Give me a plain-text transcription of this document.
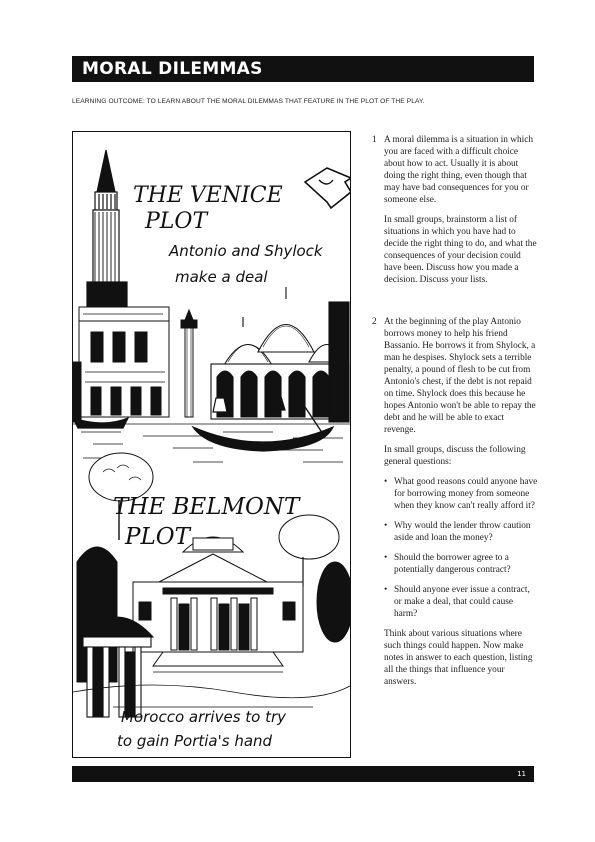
MORAL DILEMMAS
LEARNING OUTCOME: TO LEARN ABOUT THE MORAL DILEMMAS THAT FEATURE IN THE PLOT OF THE PLAY.
THE VENICE
PLOT
Antonio and Shylock
make a deal
THE BELMONT
PLOT
Morocco arrives to try
to gain Portia's hand
1 A moral dilemma is a situation in which you are faced with a difficult choice about how to act. Usually it is about doing the right thing, even though that may have bad consequences for you or someone else.

In small groups, brainstorm a list of situations in which you have had to decide the right thing to do, and what the consequences of your decision could have been. Discuss how you made a decision. Discuss your lists.

2 At the beginning of the play Antonio borrows money to help his friend Bassanio. He borrows it from Shylock, a man he despises. Shylock sets a terrible penalty, a pound of flesh to be cut from Antonio's chest, if the debt is not repaid on time. Shylock does this because he hopes Antonio won't be able to repay the debt and he will be able to exact revenge.

In small groups, discuss the following general questions:

• What good reasons could anyone have for borrowing money from someone when they know can't really afford it?
• Why would the lender throw caution aside and loan the money?
• Should the borrower agree to a potentially dangerous contract?
• Should anyone ever issue a contract, or make a deal, that could cause harm?

Think about various situations where such things could happen. Now make notes in answer to each question, listing all the things that influence your answers.

11
